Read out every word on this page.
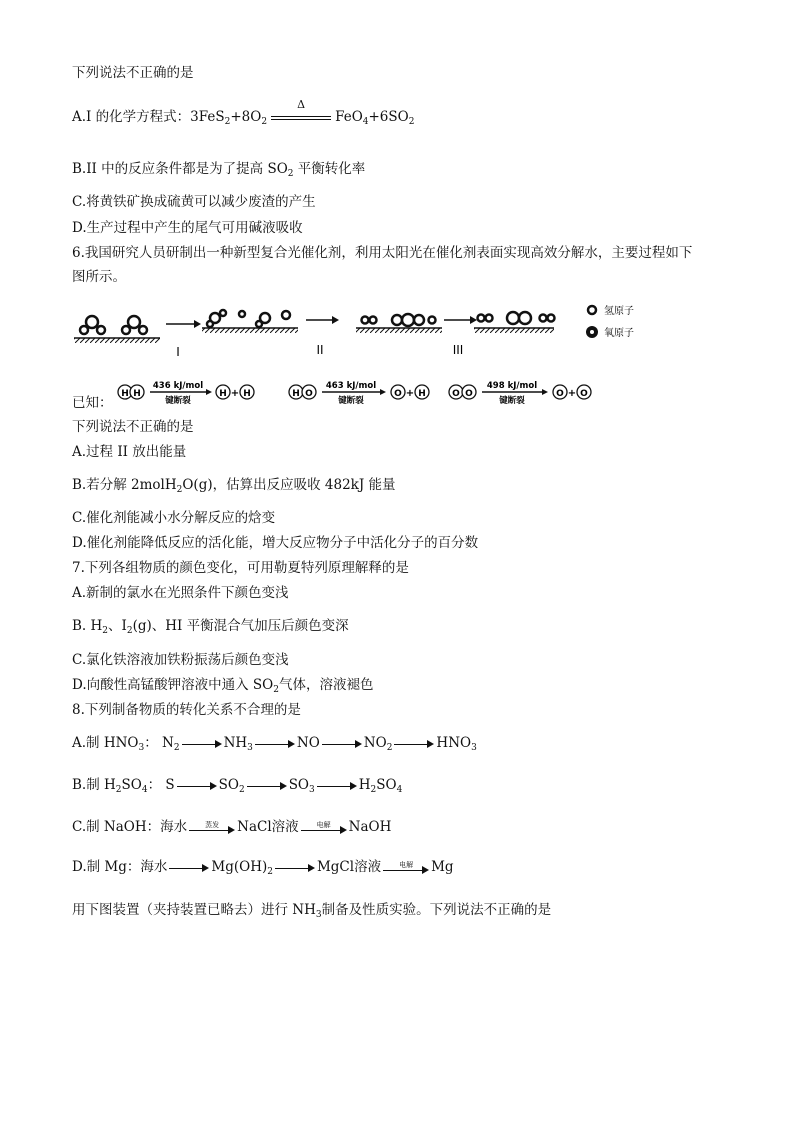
下列说法不正确的是
A.I 的化学方程式：$3FeS_2+8O_2$
Δ
$FeO_4+6SO_2$
B.II 中的反应条件都是为了提高 $SO_2$ 平衡转化率
C.将黄铁矿换成硫黄可以减少废渣的产生
D.生产过程中产生的尾气可用碱液吸收
6.我国研究人员研制出一种新型复合光催化剂，利用太阳光在催化剂表面实现高效分解水，主要过程如下
图所示。
I	II	III
氢原子
氧原子
已知：
H H
436 kJ/mol
键断裂
H + H	H O
463 kJ/mol
键断裂
O + H	O O
498 kJ/mol
键断裂
O + O
下列说法不正确的是
A.过程 II 放出能量
B.若分解 2molH$_2$O(g)，估算出反应吸收 482kJ 能量
C.催化剂能减小水分解反应的焓变
D.催化剂能降低反应的活化能，增大反应物分子中活化分子的百分数
7.下列各组物质的颜色变化，可用勒夏特列原理解释的是
A.新制的氯水在光照条件下颜色变浅
B. $H_2$、$I_2(g)$、HI 平衡混合气加压后颜色变深
C.氯化铁溶液加铁粉振荡后颜色变浅
D.向酸性高锰酸钾溶液中通入 $SO_2$气体，溶液褪色
8.下列制备物质的转化关系不合理的是
A.制 $HNO_3$： $N_2$	$NH_3$	NO	$NO_2$	$HNO_3$
B.制 $H_2SO_4$： S	$SO_2$	$SO_3$	$H_2SO_4$
C.制 NaOH：海水	蒸发	NaCl溶液	电解	NaOH
D.制 Mg：海水	$Mg(OH)_2$	MgCl溶液	电解	Mg
用下图装置（夹持装置已略去）进行 $NH_3$制备及性质实验。下列说法不正确的是
